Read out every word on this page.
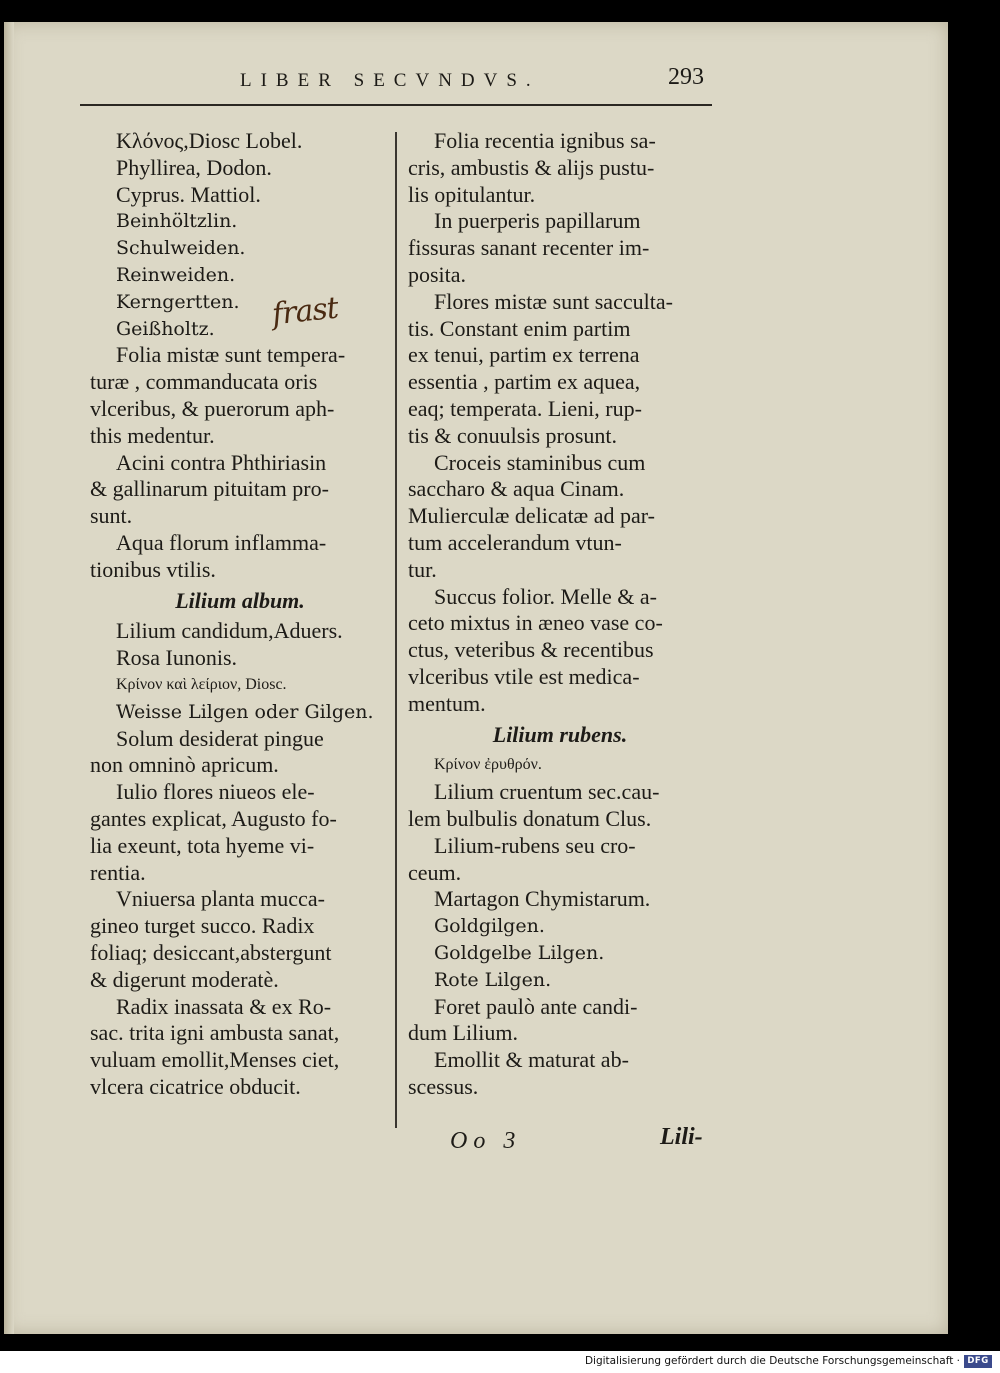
LIBER SECVNDVS.	293
Κλόνος,Diosc Lobel.
Phyllirea, Dodon.
Cyprus. Mattiol.
Beinhöltzlin.
Schulweiden.
Reinweiden.
Kerngertten.
Geißholtz.
Folia mistæ sunt tempera-
turæ , commanducata oris
vlceribus, & puerorum aph-
this medentur.
Acini contra Phthiriasin
& gallinarum pituitam pro-
sunt.
Aqua florum inflamma-
tionibus vtilis.
Lilium album.
Lilium candidum,Aduers.
Rosa Iunonis.
Κρίνον καὶ λείριον, Diosc.
Weisse Lilgen oder Gilgen.
Solum desiderat pingue
non omninò apricum.
Iulio flores niueos ele-
gantes explicat, Augusto fo-
lia exeunt, tota hyeme vi-
rentia.
Vniuersa planta mucca-
gineo turget succo. Radix
foliaq; desiccant,abstergunt
& digerunt moderatè.
Radix inassata & ex Ro-
sac. trita igni ambusta sanat,
vuluam emollit,Menses ciet,
vlcera cicatrice obducit.
Folia recentia ignibus sa-
cris, ambustis & alijs pustu-
lis opitulantur.
In puerperis papillarum
fissuras sanant recenter im-
posita.
Flores mistæ sunt sacculta-
tis. Constant enim partim
ex tenui, partim ex terrena
essentia , partim ex aquea,
eaq; temperata. Lieni, rup-
tis & conuulsis prosunt.
Croceis staminibus cum
saccharo & aqua Cinam.
Mulierculæ delicatæ ad par-
tum accelerandum vtun-
tur.
Succus folior. Melle & a-
ceto mixtus in æneo vase co-
ctus, veteribus & recentibus
vlceribus vtile est medica-
mentum.
Lilium rubens.
Κρίνον ἐρυθρόν.
Lilium cruentum sec.cau-
lem bulbulis donatum Clus.
Lilium-rubens seu cro-
ceum.
Martagon Chymistarum.
Goldgilgen.
Goldgelbe Lilgen.
Rote Lilgen.
Foret paulò ante candi-
dum Lilium.
Emollit & maturat ab-
scessus.
frast
Oo 3	Lili-
Digitalisierung gefördert durch die Deutsche Forschungsgemeinschaft · DFG
